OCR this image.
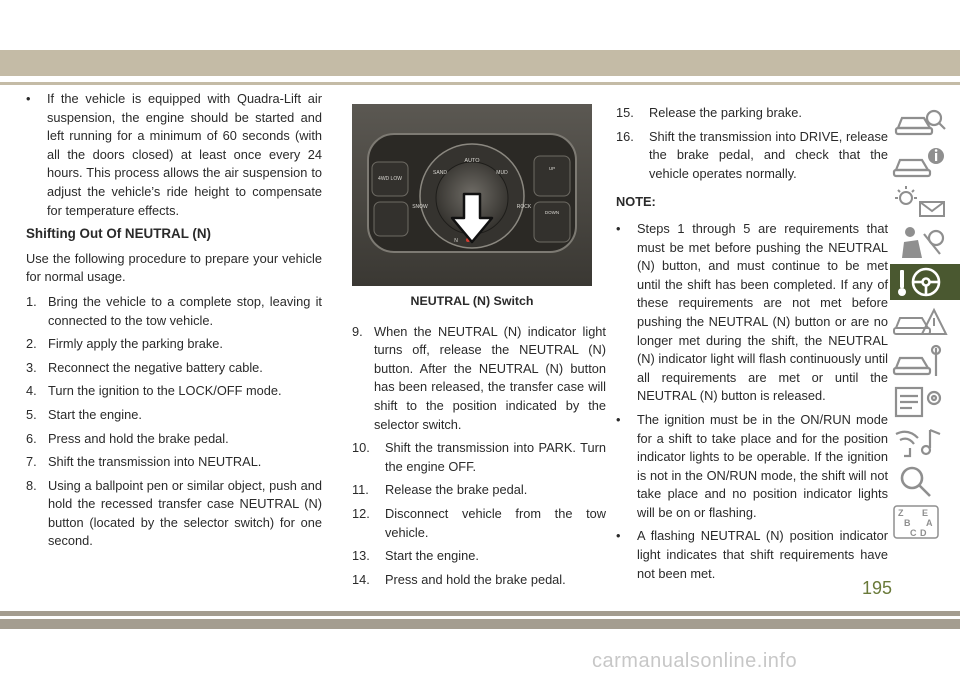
• If the vehicle is equipped with Quadra-Lift air suspension, the engine should be started and left running for a minimum of 60 seconds (with all the doors closed) at least once every 24 hours. This process allows the air suspension to adjust the vehicle’s ride height to compensate for temperature effects.
Shifting Out Of NEUTRAL (N)

Use the following procedure to prepare your vehicle for normal usage.

1. Bring the vehicle to a complete stop, leaving it connected to the tow vehicle.
2. Firmly apply the parking brake.
3. Reconnect the negative battery cable.
4. Turn the ignition to the LOCK/OFF mode.
5. Start the engine.
6. Press and hold the brake pedal.
7. Shift the transmission into NEUTRAL.
8. Using a ballpoint pen or similar object, push and hold the recessed transfer case NEUTRAL (N) button (located by the selector switch) for one second.
AUTO
SAND	MUD
4WD LOW
SNOW	ROCK
UP
DOWN
N
NEUTRAL (N) Switch
9. When the NEUTRAL (N) indicator light turns off, release the NEUTRAL (N) button. After the NEUTRAL (N) button has been released, the transfer case will shift to the position indicated by the selector switch.
10. Shift the transmission into PARK. Turn the engine OFF.
11. Release the brake pedal.
12. Disconnect vehicle from the tow vehicle.
13. Start the engine.
14. Press and hold the brake pedal.
15. Release the parking brake.
16. Shift the transmission into DRIVE, release the brake pedal, and check that the vehicle operates normally.
NOTE:
• Steps 1 through 5 are requirements that must be met before pushing the NEUTRAL (N) button, and must continue to be met until the shift has been completed. If any of these requirements are not met before pushing the NEUTRAL (N) button or are no longer met during the shift, the NEUTRAL (N) indicator light will flash continuously until all requirements are met or until the NEUTRAL (N) button is released.
• The ignition must be in the ON/RUN mode for a shift to take place and for the position indicator lights to be operable. If the ignition is not in the ON/RUN mode, the shift will not take place and no position indicator lights will be on or flashing.
• A flashing NEUTRAL (N) position indicator light indicates that shift requirements have not been met.
Z E
B A
C D
195
carmanualsonline.info
